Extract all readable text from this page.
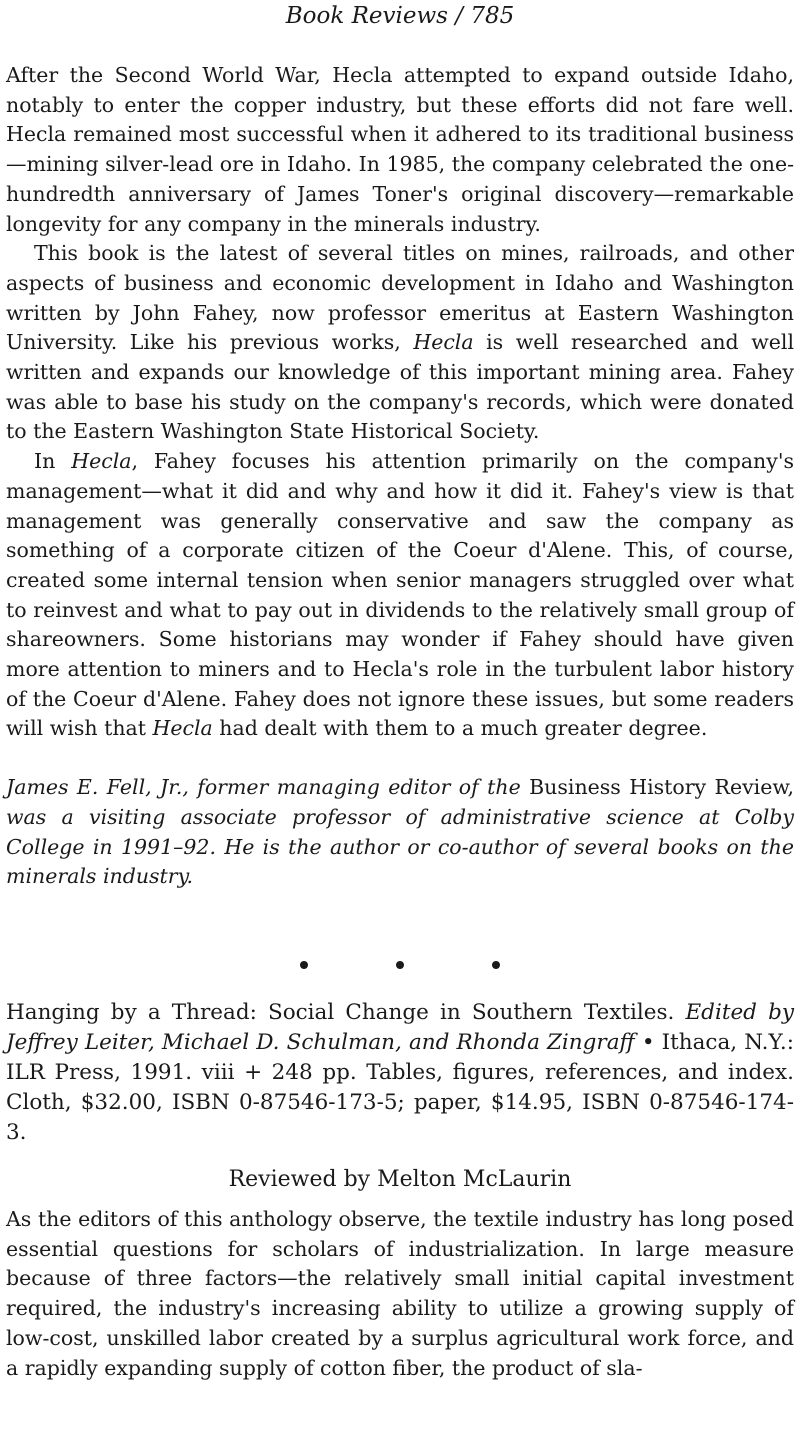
Book Reviews / 785

After the Second World War, Hecla attempted to expand outside Idaho, notably to enter the copper industry, but these efforts did not fare well. Hecla remained most successful when it adhered to its traditional business—mining silver-lead ore in Idaho. In 1985, the company celebrated the one-hundredth anniversary of James Toner's original discovery—remarkable longevity for any company in the minerals industry.

This book is the latest of several titles on mines, railroads, and other aspects of business and economic development in Idaho and Washington written by John Fahey, now professor emeritus at Eastern Washington University. Like his previous works, Hecla is well researched and well written and expands our knowledge of this important mining area. Fahey was able to base his study on the company's records, which were donated to the Eastern Washington State Historical Society.

In Hecla, Fahey focuses his attention primarily on the company's management—what it did and why and how it did it. Fahey's view is that management was generally conservative and saw the company as something of a corporate citizen of the Coeur d'Alene. This, of course, created some internal tension when senior managers struggled over what to reinvest and what to pay out in dividends to the relatively small group of shareowners. Some historians may wonder if Fahey should have given more attention to miners and to Hecla's role in the turbulent labor history of the Coeur d'Alene. Fahey does not ignore these issues, but some readers will wish that Hecla had dealt with them to a much greater degree.

James E. Fell, Jr., former managing editor of the Business History Review, was a visiting associate professor of administrative science at Colby College in 1991–92. He is the author or co-author of several books on the minerals industry.

Hanging by a Thread: Social Change in Southern Textiles. Edited by Jeffrey Leiter, Michael D. Schulman, and Rhonda Zingraff • Ithaca, N.Y.: ILR Press, 1991. viii + 248 pp. Tables, figures, references, and index. Cloth, $32.00, ISBN 0-87546-173-5; paper, $14.95, ISBN 0-87546-174-3.

Reviewed by Melton McLaurin

As the editors of this anthology observe, the textile industry has long posed essential questions for scholars of industrialization. In large measure because of three factors—the relatively small initial capital investment required, the industry's increasing ability to utilize a growing supply of low-cost, unskilled labor created by a surplus agricultural work force, and a rapidly expanding supply of cotton fiber, the product of sla-
